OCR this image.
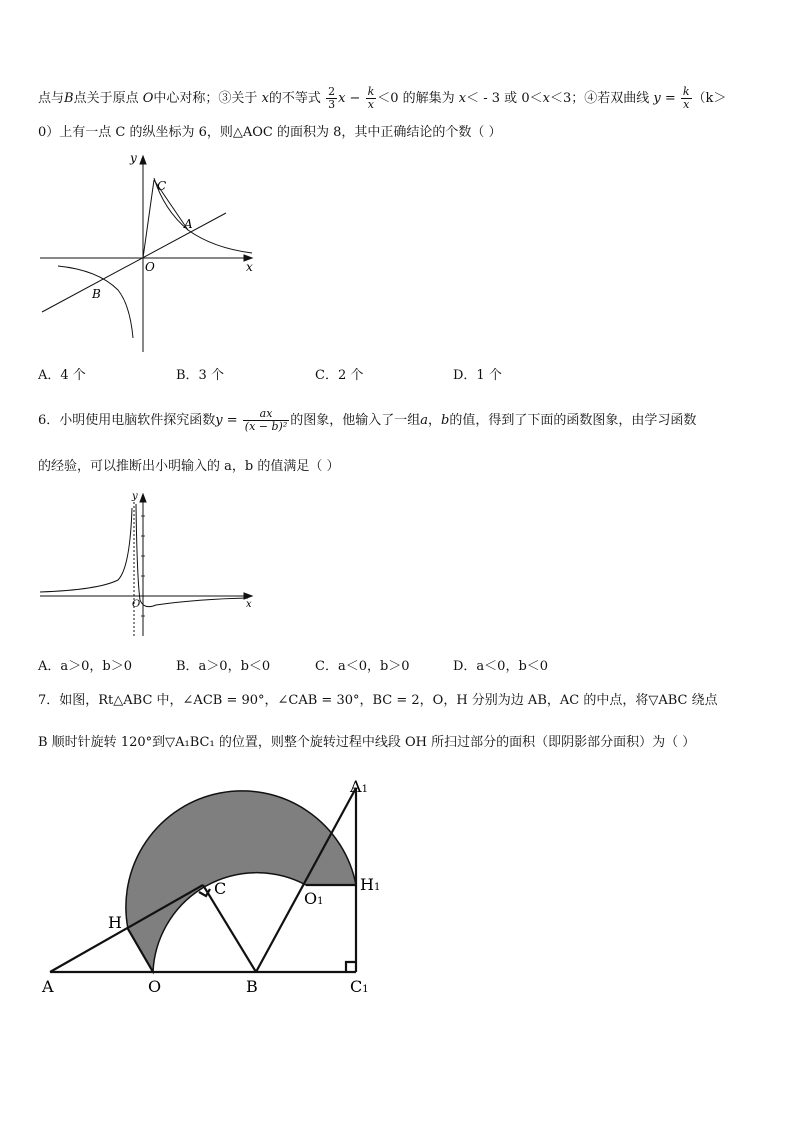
点与B点关于原点 O中心对称；③关于 x的不等式 $\frac{2}{3}$ $x - \frac{k}{x} <0$ 的解集为 x＜ - 3 或 0＜x＜3；④若双曲线 $y = \frac{k}{x} (k>$
0）上有一点 C 的纵坐标为 6，则△AOC 的面积为 8，其中正确结论的个数（ ）
y
x
C
A
O
B
A．4 个	B．3 个	C．2 个	D．1 个
6．小明使用电脑软件探究函数$y = \frac{ax}{\text{(x − b)²}}$ 的图象，他输入了一组a，b的值，得到了下面的函数图象，由学习函数
的经验，可以推断出小明输入的 a，b 的值满足（ ）
y
x
O
A．a＞0，b＞0	B．a＞0，b＜0	C．a＜0，b＞0	D．a＜0，b＜0
7．如图，Rt△ABC 中，∠ACB = 90°，∠CAB = 30°，BC = 2，O，H 分别为边 AB，AC 的中点，将▽ABC 绕点
B 顺时针旋转 120°到▽A₁BC₁ 的位置，则整个旋转过程中线段 OH 所扫过部分的面积（即阴影部分面积）为（ ）
A	O	B	C1
A1
H1
O1
H
C
